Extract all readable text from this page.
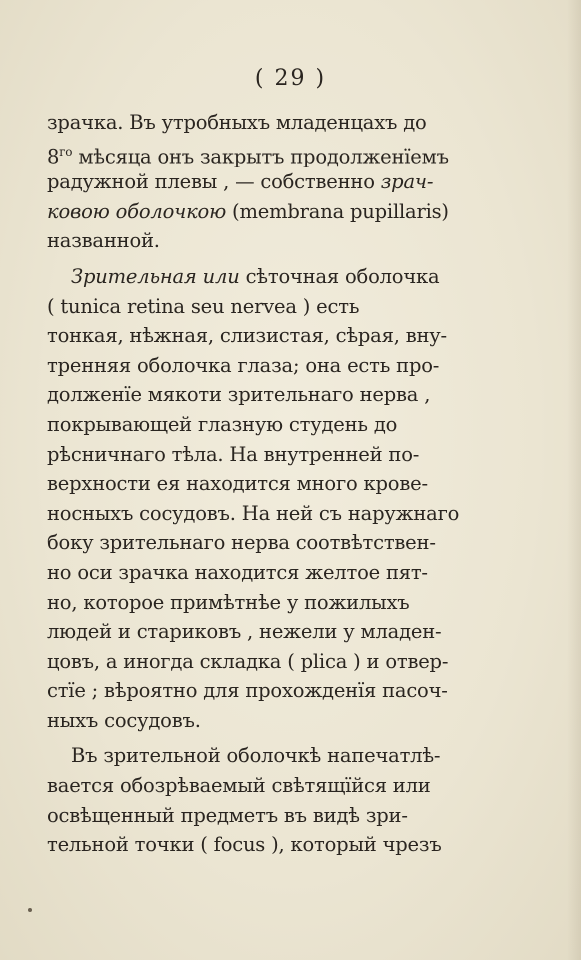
( 29 )
зрачка. Въ утробныхъ младенцахъ до
$8^{го}$ мѣсяца онъ закрытъ продолженїемъ
радужной плевы , — собственно зрач-
ковою оболочкою (membrana pupillaris)
названной.
Зрительная или сѣточная оболочка
( tunica retina seu nervea ) есть
тонкая, нѣжная, слизистая, сѣрая, вну-
тренняя оболочка глаза; она есть про-
долженїе мякоти зрительнаго нерва ,
покрывающей глазную студень до
рѣсничнаго тѣла. На внутренней по-
верхности ея находится много крове-
носныхъ сосудовъ. На ней съ наружнаго
боку зрительнаго нерва соотвѣтствен-
но оси зрачка находится желтое пят-
но, которое примѣтнѣе у пожилыхъ
людей и стариковъ , нежели у младен-
цовъ, а иногда складка ( plica ) и отвер-
стїе ; вѣроятно для прохожденїя пасоч-
ныхъ сосудовъ.
Въ зрительной оболочкѣ напечатлѣ-
вается обозрѣваемый свѣтящїйся или
освѣщенный предметъ въ видѣ зри-
тельной точки ( focus ), который чрезъ
